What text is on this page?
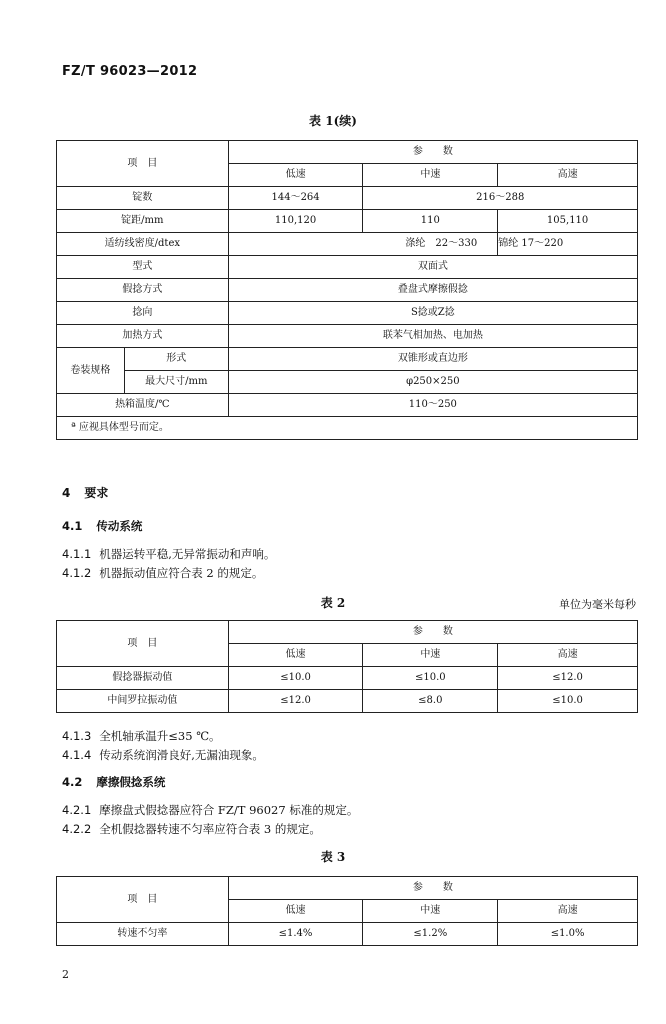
FZ/T 96023—2012
表 1(续)
项　目		参　　数		
		低速	中速	高速
锭数		144～264	216～288	
锭距/mm		110,120	110	105,110
适纺线密度/dtex		涤纶　22～330		锦纶 17～220
型式		双面式		
假捻方式		叠盘式摩擦假捻		
捻向		S捻或Z捻		
加热方式		联苯气相加热、电加热		
卷装规格	形式	双锥形或直边形		
	最大尺寸/mm	φ250×250		
热箱温度/℃		110～250		
ª 应视具体型号而定。				
4 要求
4.1 传动系统
4.1.1 机器运转平稳,无异常振动和声响。
4.1.2 机器振动值应符合表 2 的规定。
表 2	单位为毫米每秒
项　目	参　　数		
	低速	中速	高速
假捻器振动值	≤10.0	≤10.0	≤12.0
中间罗拉振动值	≤12.0	≤8.0	≤10.0
4.1.3 全机轴承温升≤35 ℃。
4.1.4 传动系统润滑良好,无漏油现象。
4.2 摩擦假捻系统
4.2.1 摩擦盘式假捻器应符合 FZ/T 96027 标准的规定。
4.2.2 全机假捻器转速不匀率应符合表 3 的规定。
表 3
项　目	参　　数		
	低速	中速	高速
转速不匀率	≤1.4%	≤1.2%	≤1.0%
2
